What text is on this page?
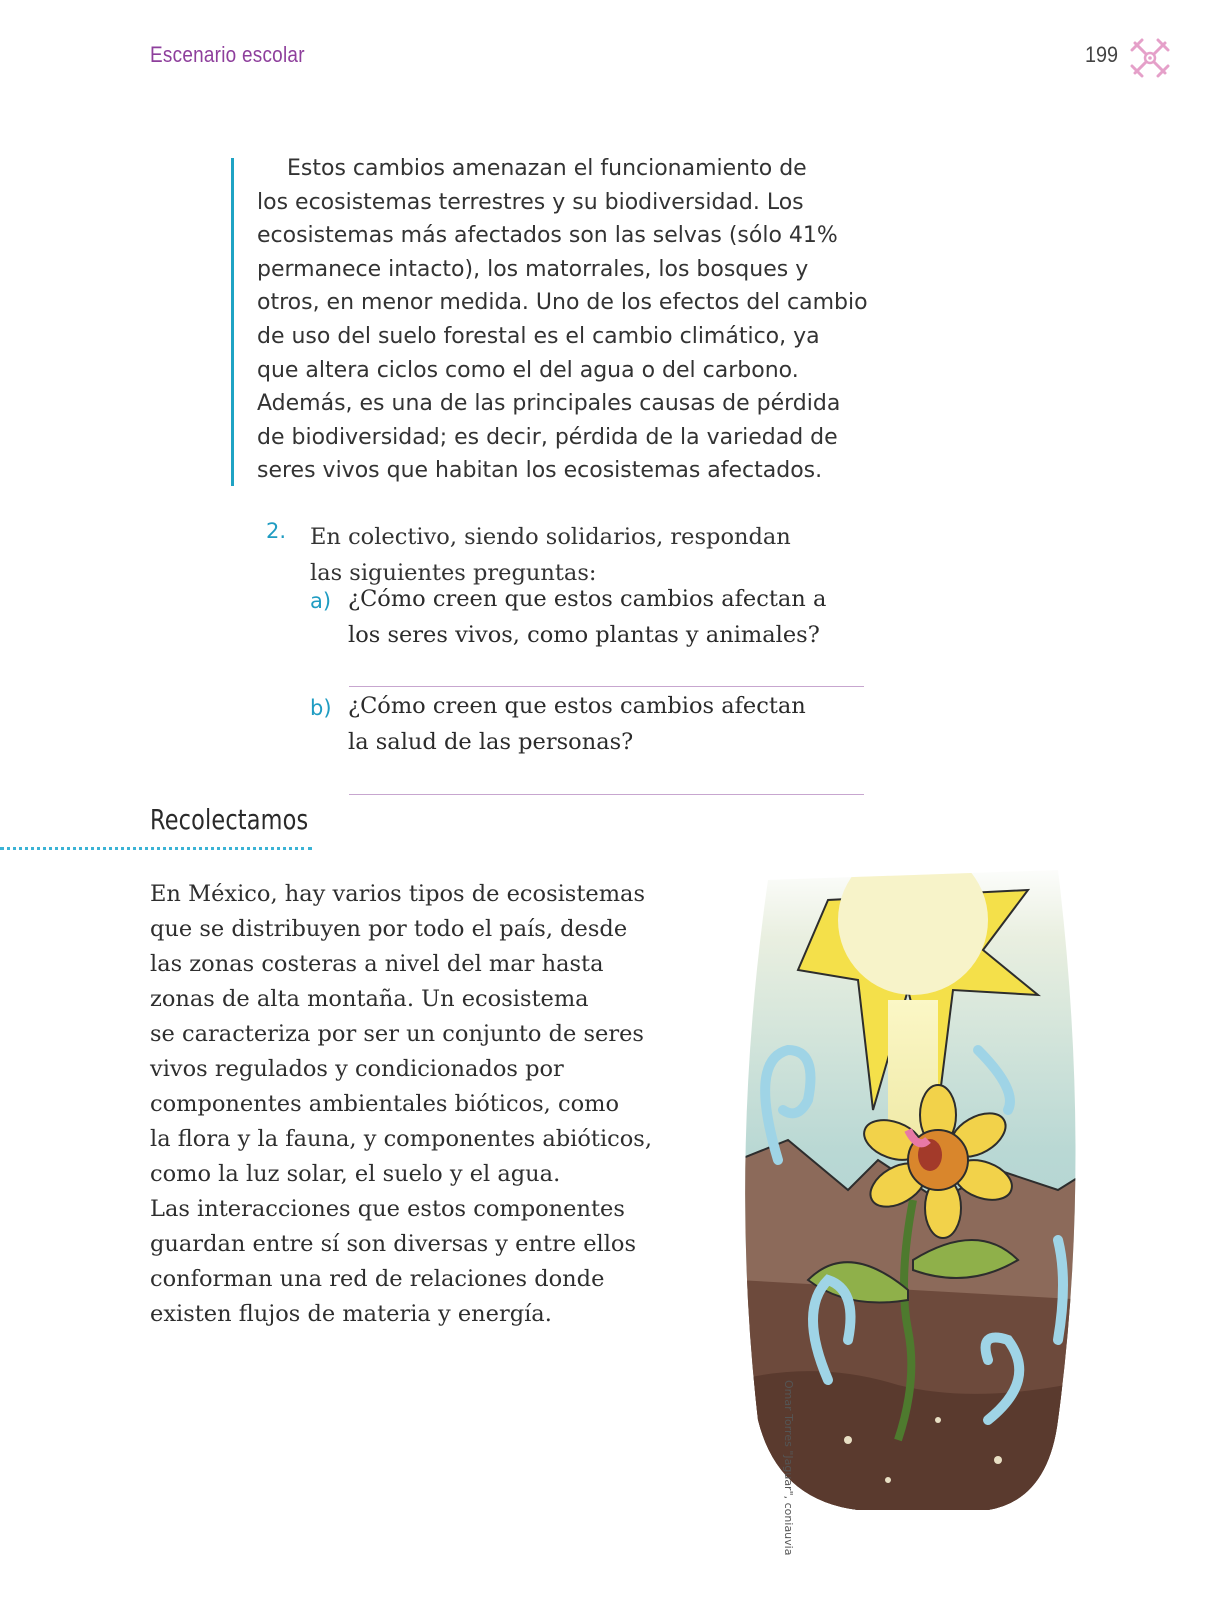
Escenario escolar	199
Estos cambios amenazan el funcionamiento de
los ecosistemas terrestres y su biodiversidad. Los
ecosistemas más afectados son las selvas (sólo 41%
permanece intacto), los matorrales, los bosques y
otros, en menor medida. Uno de los efectos del cambio
de uso del suelo forestal es el cambio climático, ya
que altera ciclos como el del agua o del carbono.
Además, es una de las principales causas de pérdida
de biodiversidad; es decir, pérdida de la variedad de
seres vivos que habitan los ecosistemas afectados.
2. En colectivo, siendo solidarios, respondan
las siguientes preguntas:
a) ¿Cómo creen que estos cambios afectan a
los seres vivos, como plantas y animales?
b) ¿Cómo creen que estos cambios afectan
la salud de las personas?
Recolectamos
En México, hay varios tipos de ecosistemas
que se distribuyen por todo el país, desde
las zonas costeras a nivel del mar hasta
zonas de alta montaña. Un ecosistema
se caracteriza por ser un conjunto de seres
vivos regulados y condicionados por
componentes ambientales bióticos, como
la flora y la fauna, y componentes abióticos,
como la luz solar, el suelo y el agua.
Las interacciones que estos componentes
guardan entre sí son diversas y entre ellos
conforman una red de relaciones donde
existen flujos de materia y energía.
Omar Torres "Jaguar", coniauvia
